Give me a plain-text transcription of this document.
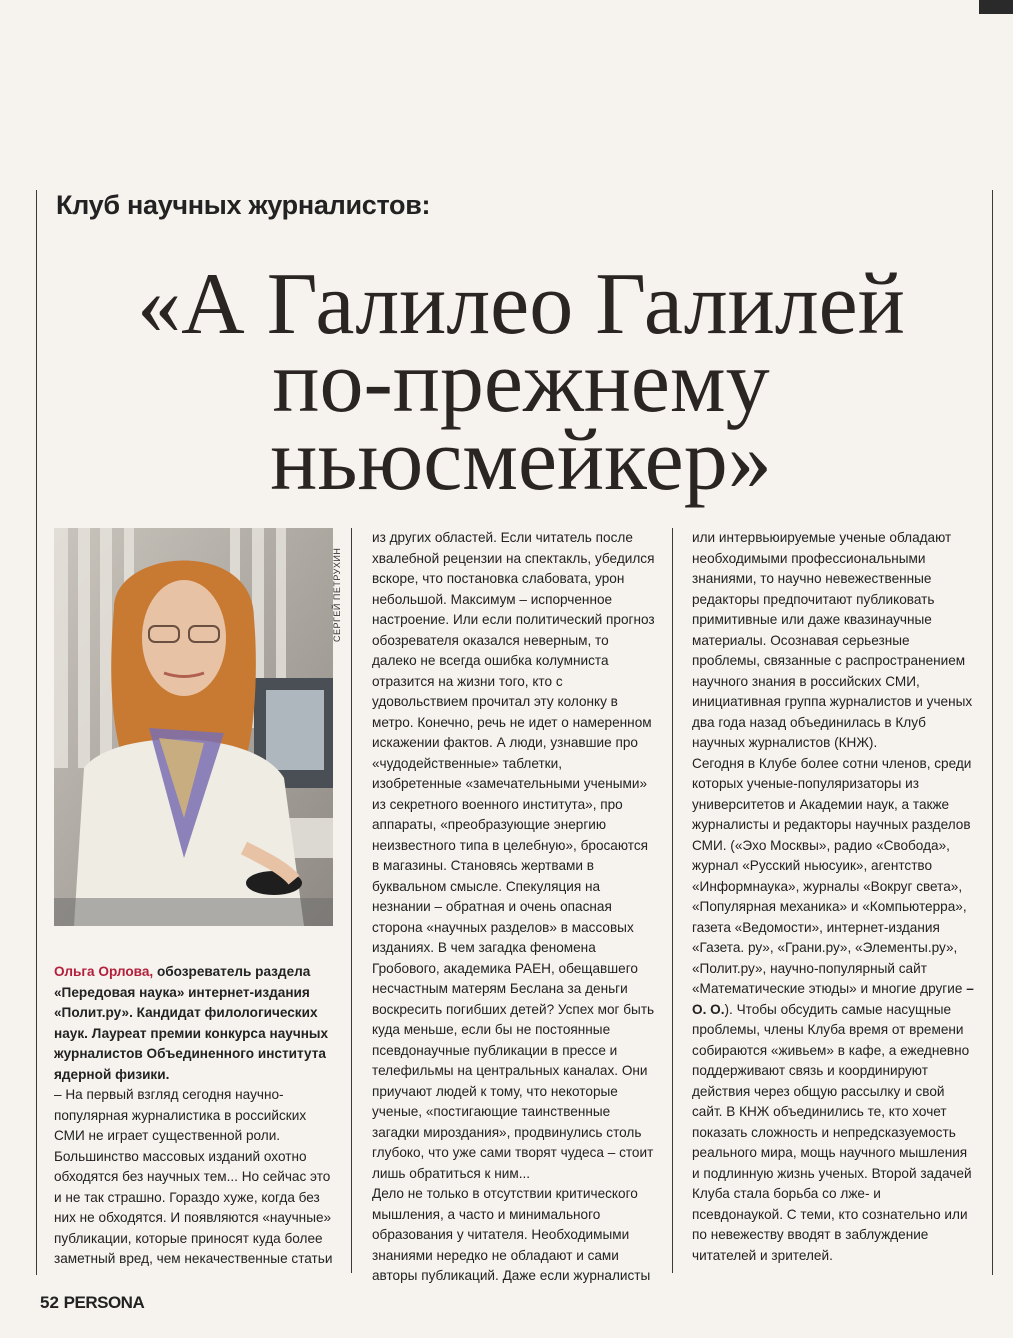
Клуб научных журналистов:
«А Галилео Галилей
по-прежнему
ньюсмейкер»
СЕРГЕЙ ПЕТРУХИН

Ольга Орлова, обозреватель раздела «Передовая наука» интернет-издания «Полит.ру». Кандидат филологических наук. Лауреат премии конкурса научных журналистов Объединенного института ядерной физики.

– На первый взгляд сегодня научно-популярная журналистика в российских СМИ не играет существенной роли. Большинство массовых изданий охотно обходятся без научных тем... Но сейчас это и не так страшно. Гораздо хуже, когда без них не обходятся. И появляются «научные» публикации, которые приносят куда более заметный вред, чем некачественные статьи

из других областей. Если читатель после хвалебной рецензии на спектакль, убедился вскоре, что постановка слабовата, урон небольшой. Максимум – испорченное настроение. Или если политический прогноз обозревателя оказался неверным, то далеко не всегда ошибка колумниста отразится на жизни того, кто с удовольствием прочитал эту колонку в метро. Конечно, речь не идет о намеренном искажении фактов. А люди, узнавшие про «чудодейственные» таблетки, изобретенные «замечательными учеными» из секретного военного института», про аппараты, «преобразующие энергию неизвестного типа в целебную», бросаются в магазины. Становясь жертвами в буквальном смысле. Спекуляция на незнании – обратная и очень опасная сторона «научных разделов» в массовых изданиях. В чем загадка феномена Гробового, академика РАЕН, обещавшего несчастным матерям Беслана за деньги воскресить погибших детей? Успех мог быть куда меньше, если бы не постоянные псевдонаучные публикации в прессе и телефильмы на центральных каналах. Они приучают людей к тому, что некоторые ученые, «постигающие таинственные загадки мироздания», продвинулись столь глубоко, что уже сами творят чудеса – стоит лишь обратиться к ним...

Дело не только в отсутствии критического мышления, а часто и минимального образования у читателя. Необходимыми знаниями нередко не обладают и сами авторы публикаций. Даже если журналисты

или интервьюируемые ученые обладают необходимыми профессиональными знаниями, то научно невежественные редакторы предпочитают публиковать примитивные или даже квазинаучные материалы. Осознавая серьезные проблемы, связанные с распространением научного знания в российских СМИ, инициативная группа журналистов и ученых два года назад объединилась в Клуб научных журналистов (КНЖ).

Сегодня в Клубе более сотни членов, среди которых ученые-популяризаторы из университетов и Академии наук, а также журналисты и редакторы научных разделов СМИ. («Эхо Москвы», радио «Свобода», журнал «Русский ньюсуик», агентство «Информнаука», журналы «Вокруг света», «Популярная механика» и «Компьютерра», газета «Ведомости», интернет-издания «Газета. ру», «Грани.ру», «Элементы.ру», «Полит.ру», научно-популярный сайт «Математические этюды» и многие другие – О. О.). Чтобы обсудить самые насущные проблемы, члены Клуба время от времени собираются «живьем» в кафе, а ежедневно поддерживают связь и координируют действия через общую рассылку и свой сайт. В КНЖ объединились те, кто хочет показать сложность и непредсказуемость реального мира, мощь научного мышления и подлинную жизнь ученых. Второй задачей Клуба стала борьба со лже- и псевдонаукой. С теми, кто сознательно или по невежеству вводят в заблуждение читателей и зрителей.

52 PERSONA
